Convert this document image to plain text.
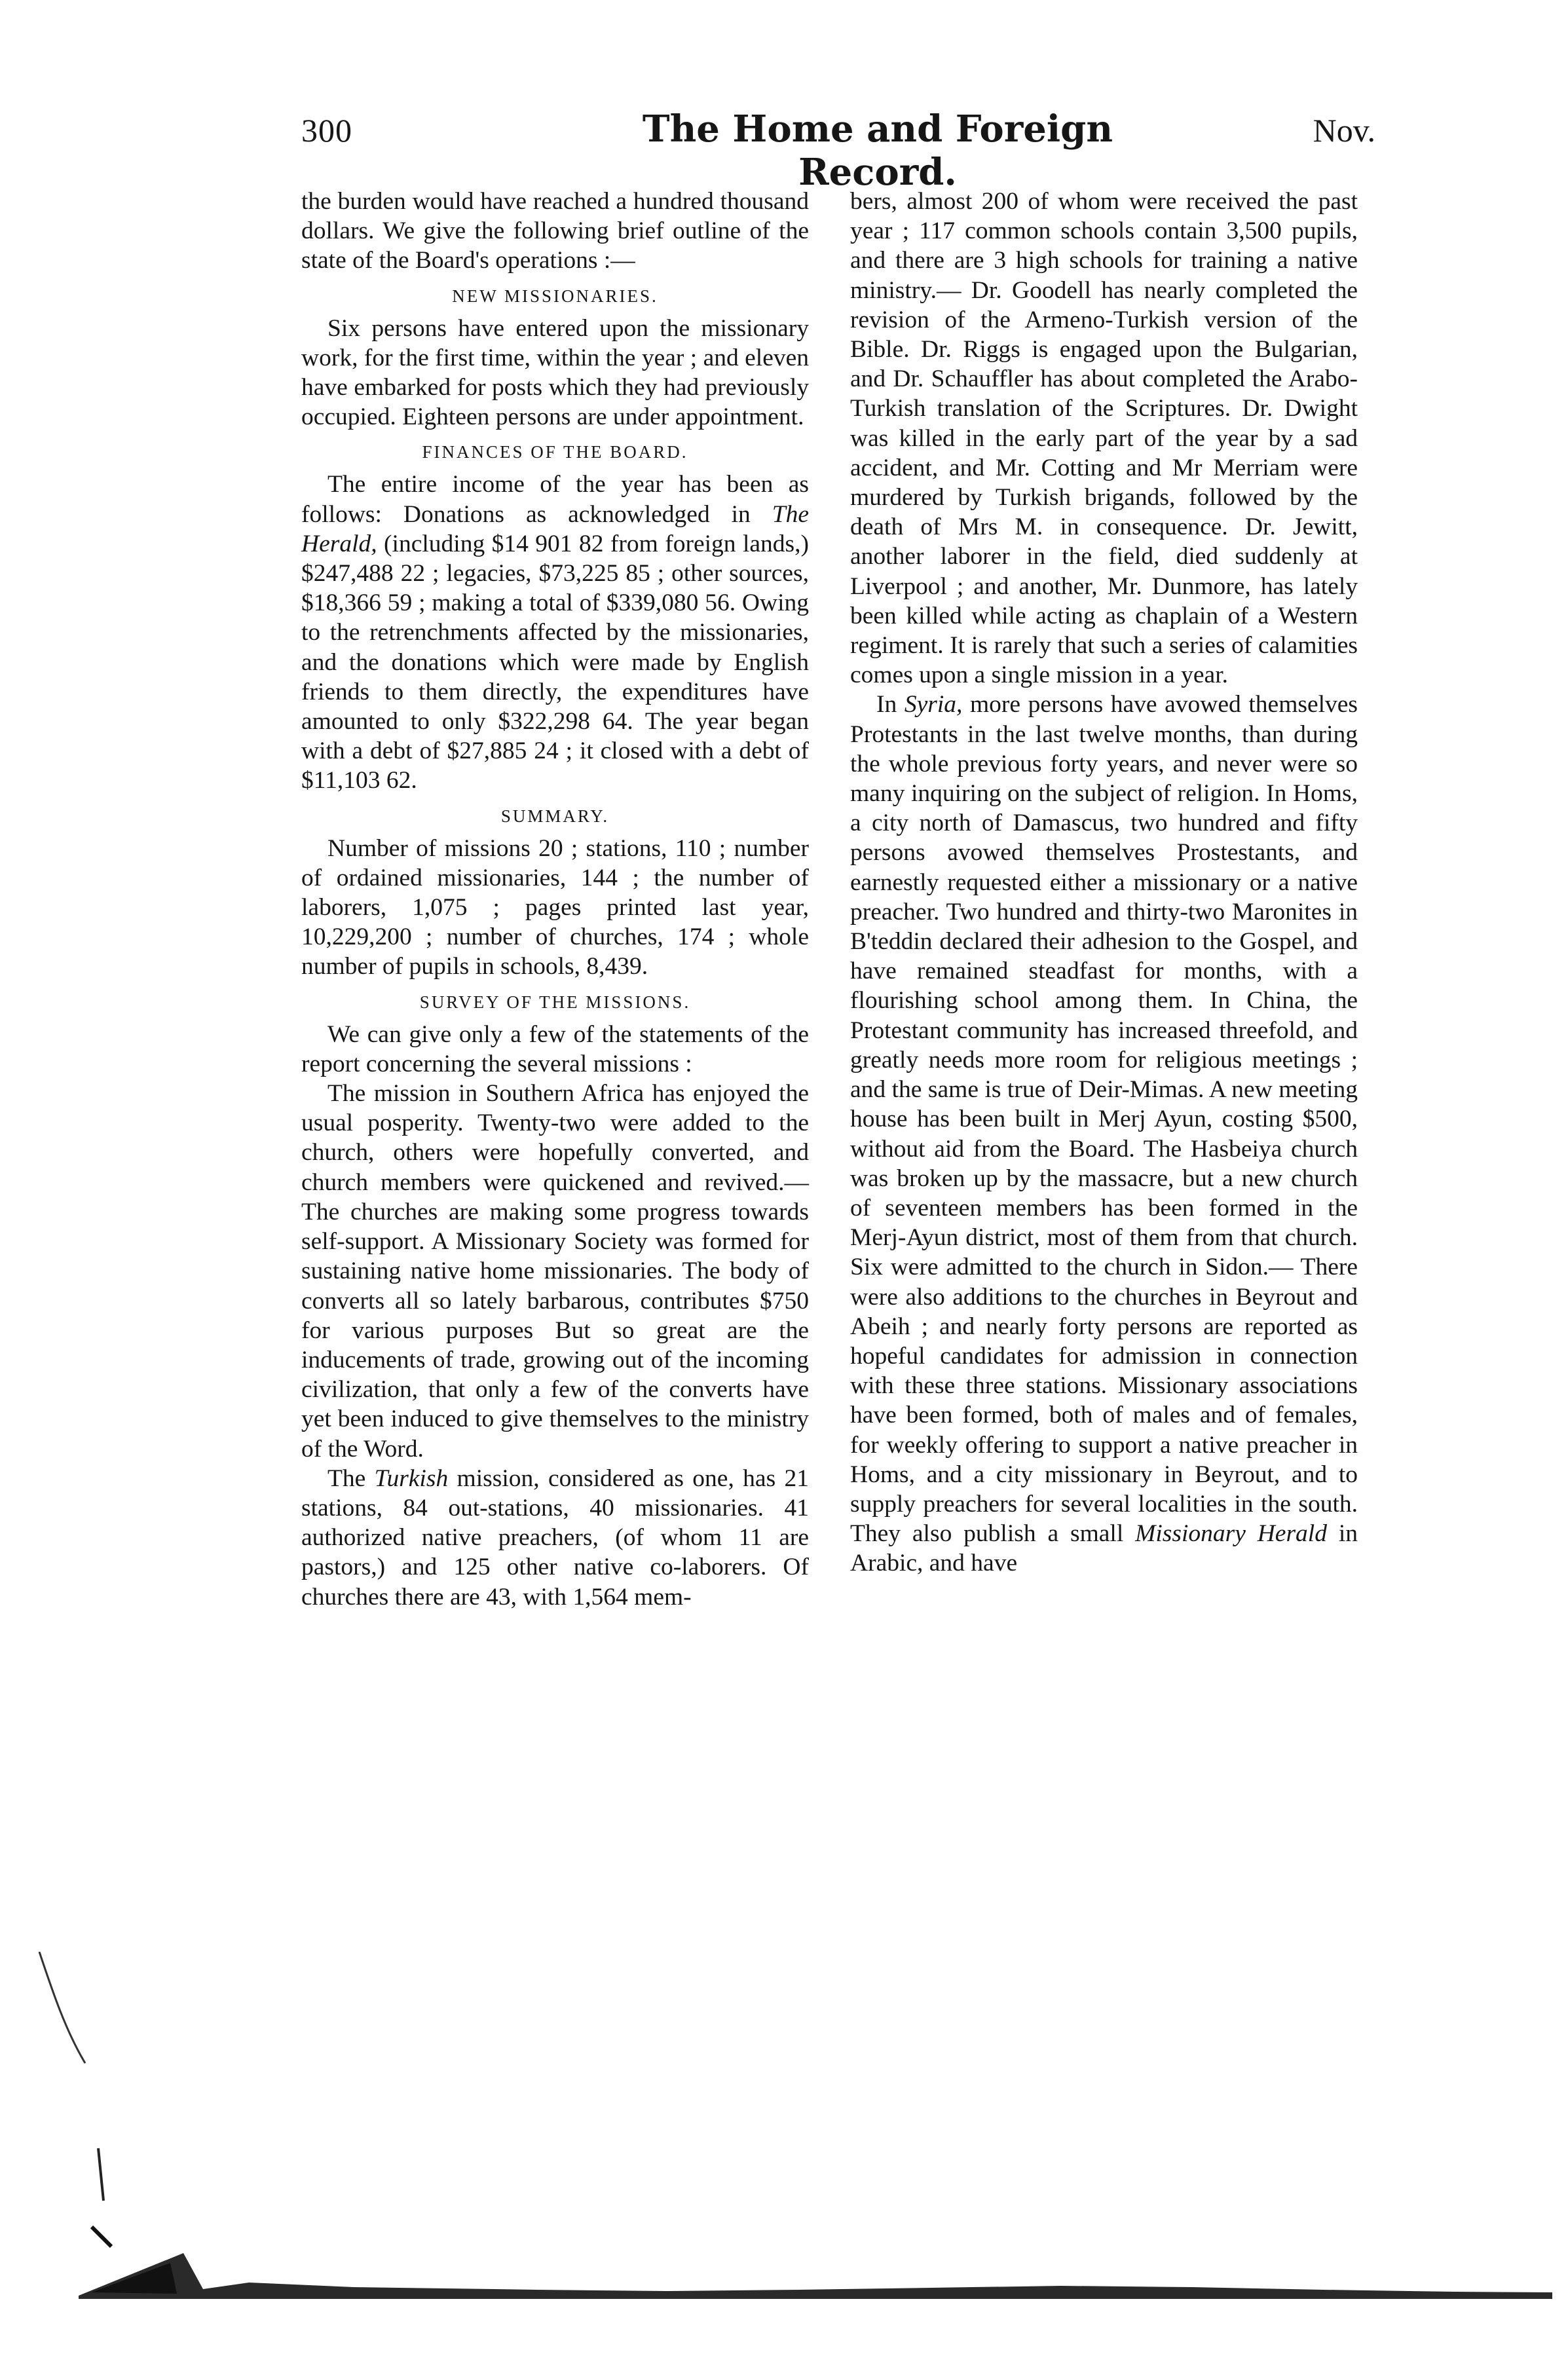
300	The Home and Foreign Record.
Nov.

the burden would have reached a hundred thousand dollars. We give the following brief outline of the state of the Board's operations :—

NEW MISSIONARIES.

Six persons have entered upon the missionary work, for the first time, within the year ; and eleven have embarked for posts which they had previously occupied. Eighteen persons are under appointment.

FINANCES OF THE BOARD.

The entire income of the year has been as follows: Donations as acknowledged in The Herald, (including $14 901 82 from foreign lands,) $247,488 22 ; legacies, $73,225 85 ; other sources, $18,366 59 ; making a total of $339,080 56. Owing to the retrenchments affected by the missionaries, and the donations which were made by English friends to them directly, the expenditures have amounted to only $322,298 64. The year began with a debt of $27,885 24 ; it closed with a debt of $11,103 62.

SUMMARY.

Number of missions 20 ; stations, 110 ; number of ordained missionaries, 144 ; the number of laborers, 1,075 ; pages printed last year, 10,229,200 ; number of churches, 174 ; whole number of pupils in schools, 8,439.

SURVEY OF THE MISSIONS.

We can give only a few of the statements of the report concerning the several missions :

The mission in Southern Africa has enjoyed the usual posperity. Twenty-two were added to the church, others were hopefully converted, and church members were quickened and revived.— The churches are making some progress towards self-support. A Missionary Society was formed for sustaining native home missionaries. The body of converts all so lately barbarous, contributes $750 for various purposes But so great are the inducements of trade, growing out of the incoming civilization, that only a few of the converts have yet been induced to give themselves to the ministry of the Word.

The Turkish mission, considered as one, has 21 stations, 84 out-stations, 40 missionaries. 41 authorized native preachers, (of whom 11 are pastors,) and 125 other native co-laborers. Of churches there are 43, with 1,564 mem-

bers, almost 200 of whom were received the past year ; 117 common schools contain 3,500 pupils, and there are 3 high schools for training a native ministry.— Dr. Goodell has nearly completed the revision of the Armeno-Turkish version of the Bible. Dr. Riggs is engaged upon the Bulgarian, and Dr. Schauffler has about completed the Arabo-Turkish translation of the Scriptures. Dr. Dwight was killed in the early part of the year by a sad accident, and Mr. Cotting and Mr Merriam were murdered by Turkish brigands, followed by the death of Mrs M. in consequence. Dr. Jewitt, another laborer in the field, died suddenly at Liverpool ; and another, Mr. Dunmore, has lately been killed while acting as chaplain of a Western regiment. It is rarely that such a series of calamities comes upon a single mission in a year.

In Syria, more persons have avowed themselves Protestants in the last twelve months, than during the whole previous forty years, and never were so many inquiring on the subject of religion. In Homs, a city north of Damascus, two hundred and fifty persons avowed themselves Prostestants, and earnestly requested either a missionary or a native preacher. Two hundred and thirty-two Maronites in B'teddin declared their adhesion to the Gospel, and have remained steadfast for months, with a flourishing school among them. In China, the Protestant community has increased threefold, and greatly needs more room for religious meetings ; and the same is true of Deir-Mimas. A new meeting house has been built in Merj Ayun, costing $500, without aid from the Board. The Hasbeiya church was broken up by the massacre, but a new church of seventeen members has been formed in the Merj-Ayun district, most of them from that church. Six were admitted to the church in Sidon.— There were also additions to the churches in Beyrout and Abeih ; and nearly forty persons are reported as hopeful candidates for admission in connection with these three stations. Missionary associations have been formed, both of males and of females, for weekly offering to support a native preacher in Homs, and a city missionary in Beyrout, and to supply preachers for several localities in the south. They also publish a small Missionary Herald in Arabic, and have
